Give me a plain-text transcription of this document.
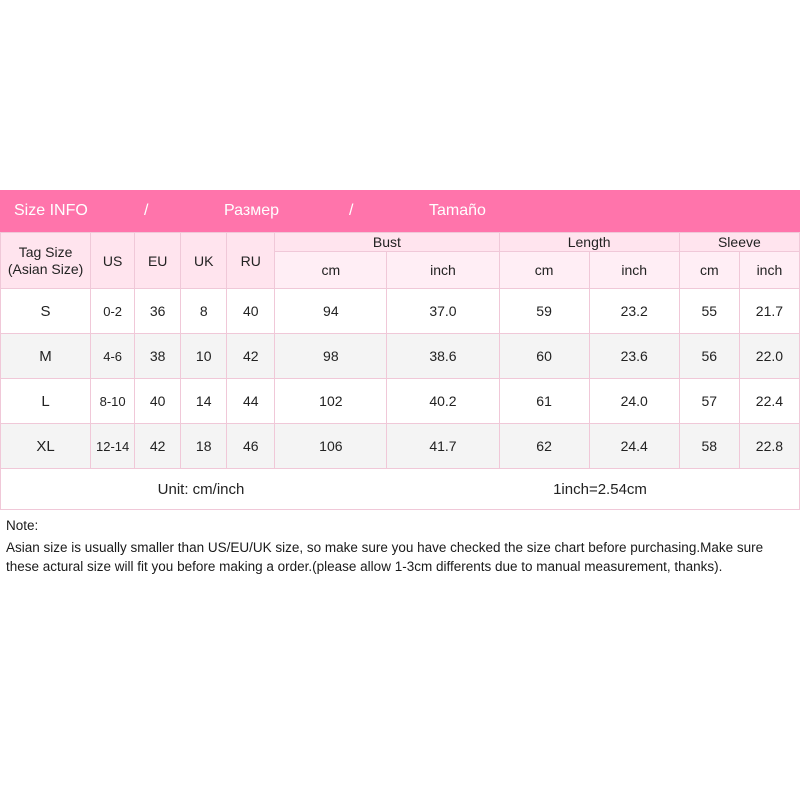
Size INFO	/	Размер	/	Tamaño
Tag Size
(Asian Size)	US	EU	UK	RU	Bust		Length		Sleeve	
					cm	inch	cm	inch	cm	inch
S	0-2	36	8	40	94	37.0	59	23.2	55	21.7
M	4-6	38	10	42	98	38.6	60	23.6	56	22.0
L	8-10	40	14	44	102	40.2	61	24.0	57	22.4
XL	12-14	42	18	46	106	41.7	62	24.4	58	22.8
Unit: cm/inch	1inch=2.54cm

Note:

Asian size is usually smaller than US/EU/UK size, so make sure you have checked the size chart before purchasing.Make sure these actural size will fit you before making a order.(please allow 1-3cm differents due to manual measurement, thanks).
